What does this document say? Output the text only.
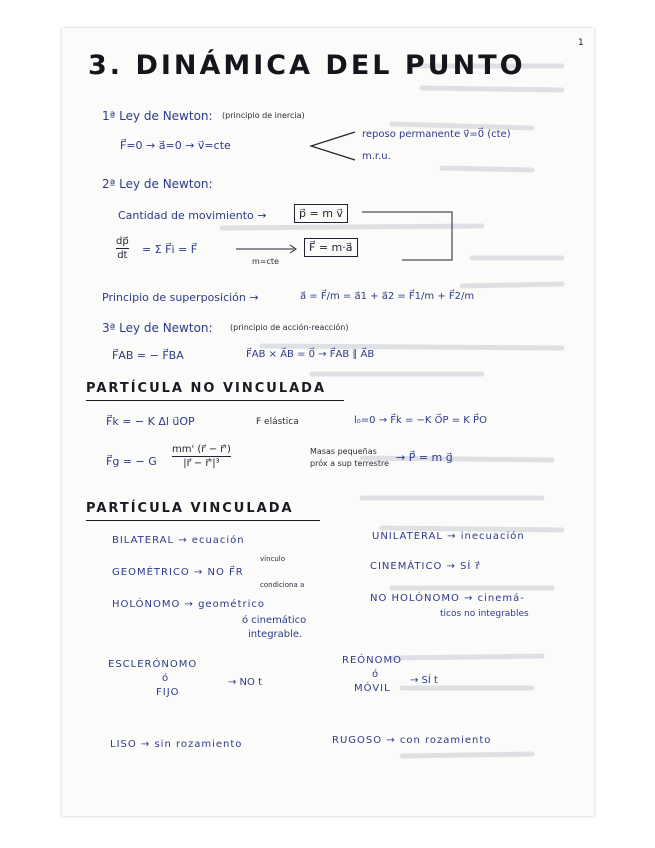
1
3. DINÁMICA DEL PUNTO
1ª Ley de Newton: (principio de inercia)
F⃗=0 → a⃗=0 → v⃗=cte
reposo permanente v⃗=0⃗ (cte)
m.r.u.
2ª Ley de Newton:
Cantidad de movimiento →	p⃗ = m v⃗
dp⃗
dt = Σ F⃗i = F⃗
m=cte
F⃗ = m·a⃗
Principio de superposición →	a⃗ = F⃗/m = a⃗1 + a⃗2 = F⃗1/m + F⃗2/m
3ª Ley de Newton: (principio de acción-reacción)
F⃗AB = − F⃗BA	F⃗AB × A⃗B = 0⃗ → F⃗AB ∥ A⃗B
PARTÍCULA NO VINCULADA
F⃗k = − K Δl u⃗OP	F elástica	l₀=0 → F⃗k = −K O⃗P = K P⃗O
F⃗g = − G
mm' (r⃗ − r⃗')
|r⃗ − r⃗'|³
Masas pequeñas
próx a sup terrestre → P⃗ = m g⃗
PARTÍCULA VINCULADA
BILATERAL → ecuación	UNILATERAL → inecuación
vínculo
GEOMÉTRICO → NO F⃗R
condiciona a
CINEMÁTICO → SÍ ṙ⃗
HOLÓNOMO → geométrico
ó cinemático
integrable.
NO HOLÓNOMO → cinemá-
ticos no integrables
ESCLERÓNOMO
ó
FIJO
→ NO t
REÓNOMO
ó
MÓVIL
→ SÍ t
LISO → sin rozamiento	RUGOSO → con rozamiento
